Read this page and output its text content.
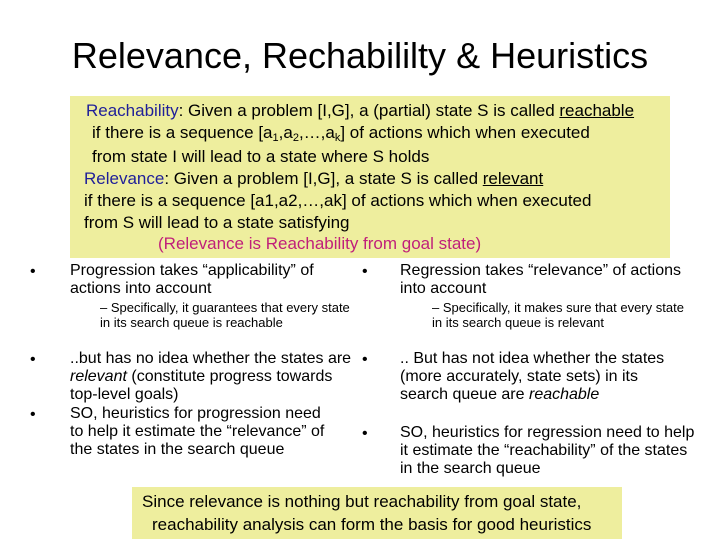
Relevance, Rechabililty & Heuristics
Reachability: Given a problem [I,G], a (partial) state S is called reachable
if there is a sequence $[a_1,a_2,\dots,a_k]$ of actions which when executed
from state I will lead to a state where S holds
Relevance: Given a problem [I,G], a state S is called relevant
if there is a sequence [a1,a2,…,ak] of actions which when executed
from S will lead to a state satisfying
(Relevance is Reachability from goal state)
• Progression takes “applicability” of actions into account
– Specifically, it guarantees that every state in its search queue is reachable
• ..but has no idea whether the states are relevant (constitute progress towards top-level goals)
• SO, heuristics for progression need to help it estimate the “relevance” of the states in the search queue
• Regression takes “relevance” of actions into account
– Specifically, it makes sure that every state in its search queue is relevant
• .. But has not idea whether the states (more accurately, state sets) in its search queue are reachable
• SO, heuristics for regression need to help it estimate the “reachability” of the states in the search queue
Since relevance is nothing but reachability from goal state,
reachability analysis can form the basis for good heuristics
